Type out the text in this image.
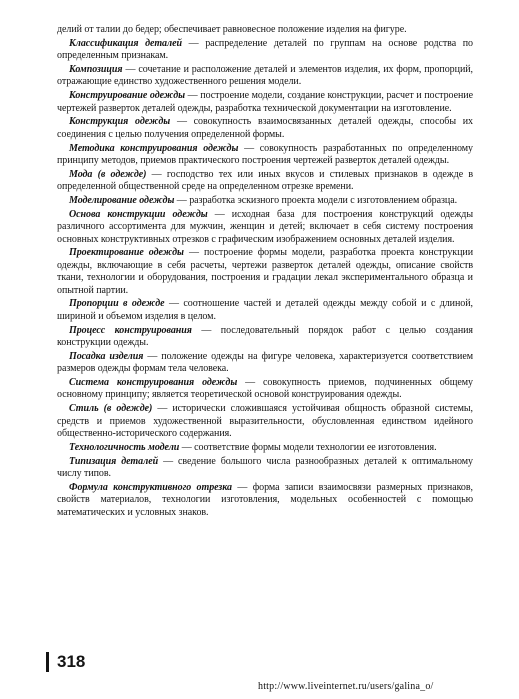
делий от талии до бедер; обеспечивает равновесное положение изделия на фигуре.

Классификация деталей — распределение деталей по группам на основе родства по определенным признакам.

Композиция — сочетание и расположение деталей и элементов изделия, их форм, пропорций, отражающие единство художественного решения модели.

Конструирование одежды — построение модели, создание конструкции, расчет и построение чертежей разверток деталей одежды, разработка технической документации на изготовление.

Конструкция одежды — совокупность взаимосвязанных деталей одежды, способы их соединения с целью получения определенной формы.

Методика конструирования одежды — совокупность разработанных по определенному принципу методов, приемов практического построения чертежей разверток деталей одежды.

Мода (в одежде) — господство тех или иных вкусов и стилевых признаков в одежде в определенной общественной среде на определенном отрезке времени.

Моделирование одежды — разработка эскизного проекта модели с изготовлением образца.

Основа конструкции одежды — исходная база для построения конструкций одежды различного ассортимента для мужчин, женщин и детей; включает в себя систему построения основных конструктивных отрезков с графическим изображением основных деталей изделия.

Проектирование одежды — построение формы модели, разработка проекта конструкции одежды, включающие в себя расчеты, чертежи разверток деталей одежды, описание свойств ткани, технологии и оборудования, построения и градации лекал экспериментального образца и опытной партии.

Пропорции в одежде — соотношение частей и деталей одежды между собой и с длиной, шириной и объемом изделия в целом.

Процесс конструирования — последовательный порядок работ с целью создания конструкции одежды.

Посадка изделия — положение одежды на фигуре человека, характеризуется соответствием размеров одежды формам тела человека.

Система конструирования одежды — совокупность приемов, подчиненных общему основному принципу; является теоретической основой конструирования одежды.

Стиль (в одежде) — исторически сложившаяся устойчивая общность образной системы, средств и приемов художественной выразительности, обусловленная единством идейного общественно-исторического содержания.

Технологичность модели — соответствие формы модели технологии ее изготовления.

Типизация деталей — сведение большого числа разнообразных деталей к оптимальному числу типов.

Формула конструктивного отрезка — форма записи взаимосвязи размерных признаков, свойств материалов, технологии изготовления, модельных особенностей с помощью математических и условных знаков.

318
http://www.liveinternet.ru/users/galina_o/
